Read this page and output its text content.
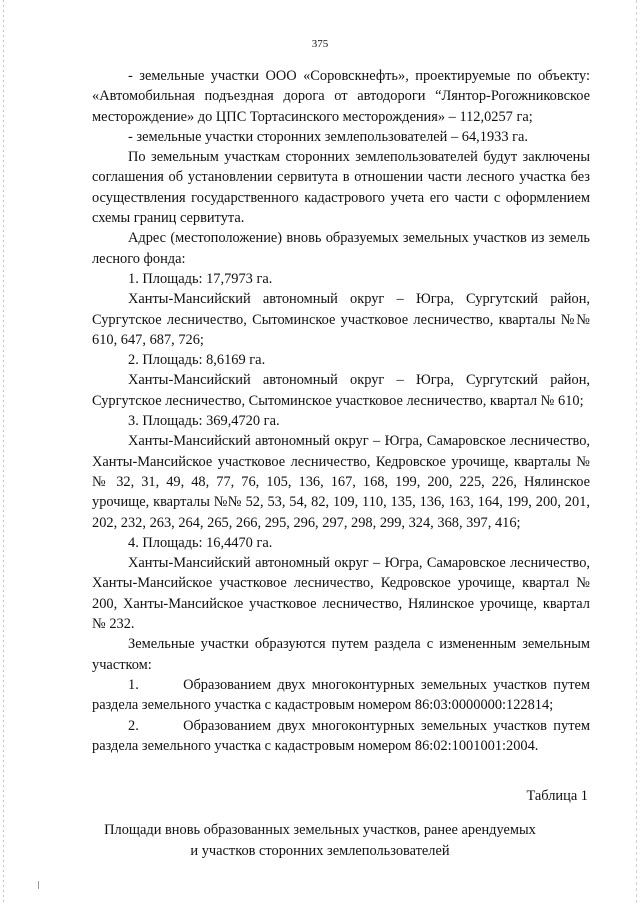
375

- земельные участки ООО «Соровскнефть», проектируемые по объекту: «Автомобильная подъездная дорога от автодороги “Лянтор-Рогожниковское месторождение» до ЦПС Тортасинского месторождения» – 112,0257 га;

- земельные участки сторонних землепользователей – 64,1933 га.

По земельным участкам сторонних землепользователей будут заключены соглашения об установлении сервитута в отношении части лесного участка без осуществления государственного кадастрового учета его части с оформлением схемы границ сервитута.

Адрес (местоположение) вновь образуемых земельных участков из земель лесного фонда:

1. Площадь: 17,7973 га.

Ханты-Мансийский автономный округ – Югра, Сургутский район, Сургутское лесничество, Сытоминское участковое лесничество, кварталы №№ 610, 647, 687, 726;

2. Площадь: 8,6169 га.

Ханты-Мансийский автономный округ – Югра, Сургутский район, Сургутское лесничество, Сытоминское участковое лесничество, квартал № 610;

3. Площадь: 369,4720 га.

Ханты-Мансийский автономный округ – Югра, Самаровское лесничество, Ханты-Мансийское участковое лесничество, Кедровское урочище, кварталы №№ 32, 31, 49, 48, 77, 76, 105, 136, 167, 168, 199, 200, 225, 226, Нялинское урочище, кварталы №№ 52, 53, 54, 82, 109, 110, 135, 136, 163, 164, 199, 200, 201, 202, 232, 263, 264, 265, 266, 295, 296, 297, 298, 299, 324, 368, 397, 416;

4. Площадь: 16,4470 га.

Ханты-Мансийский автономный округ – Югра, Самаровское лесничество, Ханты-Мансийское участковое лесничество, Кедровское урочище, квартал № 200, Ханты-Мансийское участковое лесничество, Нялинское урочище, квартал № 232.

Земельные участки образуются путем раздела с измененным земельным участком:

1.	Образованием двух многоконтурных земельных участков путем раздела земельного участка с кадастровым номером 86:03:0000000:122814;

2.	Образованием двух многоконтурных земельных участков путем раздела земельного участка с кадастровым номером 86:02:1001001:2004.

Таблица 1
Площади вновь образованных земельных участков, ранее арендуемых
и участков сторонних землепользователей
